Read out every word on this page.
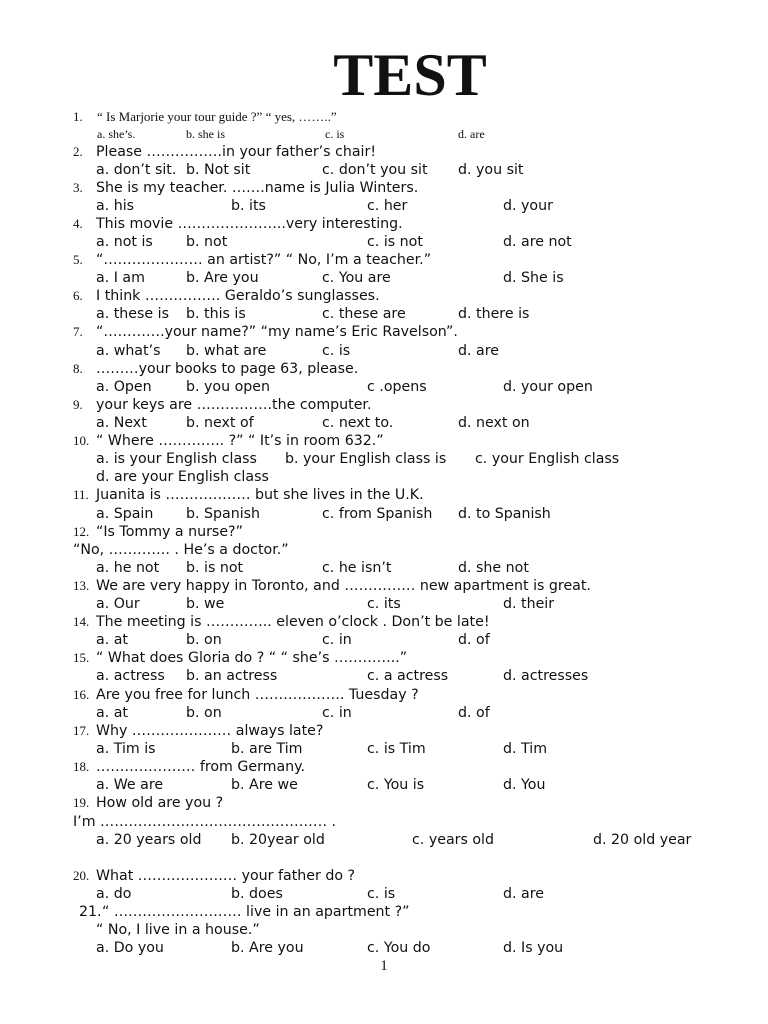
TEST
1. “ Is Marjorie your tour guide ?” “ yes, ……..”
a. she’s.	b. she is	c. is	d. are
2. Please …………….in your father’s chair!
a. don’t sit. b. Not sit	c. don’t you sit d. you sit
3. She is my teacher. …….name is Julia Winters.
a. his	b. its	c. her	d. your
4. This movie …………………..very interesting.
a. not is b. not	c. is not	d. are not
5. “………………… an artist?” “ No, I’m a teacher.”
a. I am	b. Are you	c. You are	d. She is
6. I think ……………. Geraldo’s sunglasses.
a. these is b. this is	c. these are	d. there is
7. “………….your name?” “my name’s Eric Ravelson”.
a. what’s b. what are	c. is	d. are
8. ………your books to page 63, please.
a. Open b. you open	c .opens	d. your open
9. your keys are …………….the computer.
a. Next	b. next of	c. next to.	d. next on
10. “ Where ………….. ?” “ It’s in room 632.”
a. is your English class b. your English class is c. your English class
d. are your English class
11. Juanita is ……………… but she lives in the U.K.
a. Spain b. Spanish	c. from Spanish d. to Spanish
12. “Is Tommy a nurse?”
“No, …………. . He’s a doctor.”
a. he not b. is not	c. he isn’t	d. she not
13. We are very happy in Toronto, and …………… new apartment is great.
a. Our	b. we	c. its	d. their
14. The meeting is ………….. eleven o’clock . Don’t be late!
a. at	b. on	c. in	d. of
15. “ What does Gloria do ? “ “ she’s …………..”
a. actress b. an actress	c. a actress	d. actresses
16. Are you free for lunch ………………. Tuesday ?
a. at	b. on	c. in	d. of
17. Why ………………… always late?
a. Tim is	b. are Tim	c. is Tim	d. Tim
18. ………………… from Germany.
a. We are	b. Are we	c. You is	d. You
19. How old are you ?
I’m ………………………………………… .
a. 20 years old b. 20year old	c. years old	d. 20 old year
20. What ………………… your father do ?
a. do	b. does	c. is	d. are
21. “ ……………………… live in an apartment ?”
“ No, I live in a house.”
a. Do you	b. Are you	c. You do	d. Is you
1
